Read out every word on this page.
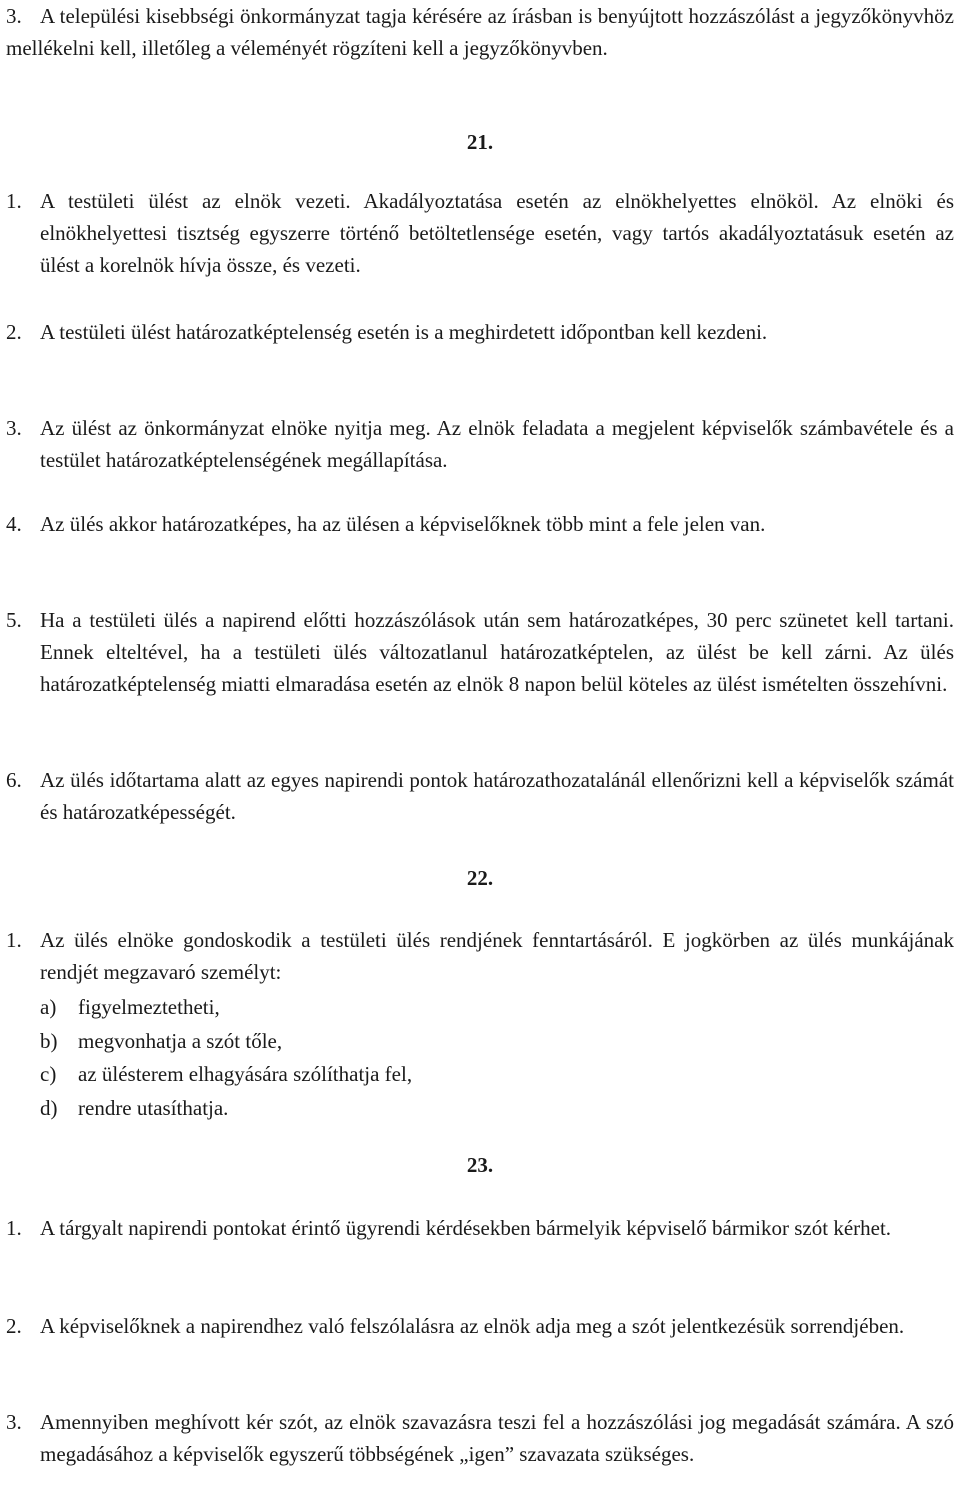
3. A települési kisebbségi önkormányzat tagja kérésére az írásban is benyújtott hozzászólást a jegyzőkönyvhöz mellékelni kell, illetőleg a véleményét rögzíteni kell a jegyzőkönyvben.
21.
1. A testületi ülést az elnök vezeti. Akadályoztatása esetén az elnökhelyettes elnököl. Az elnöki és elnökhelyettesi tisztség egyszerre történő betöltetlensége esetén, vagy tartós akadályoztatásuk esetén az ülést a korelnök hívja össze, és vezeti.
2. A testületi ülést határozatképtelenség esetén is a meghirdetett időpontban kell kezdeni.
3. Az ülést az önkormányzat elnöke nyitja meg. Az elnök feladata a megjelent képviselők számbavétele és a testület határozatképtelenségének megállapítása.
4. Az ülés akkor határozatképes, ha az ülésen a képviselőknek több mint a fele jelen van.
5. Ha a testületi ülés a napirend előtti hozzászólások után sem határozatképes, 30 perc szünetet kell tartani. Ennek elteltével, ha a testületi ülés változatlanul határozatképtelen, az ülést be kell zárni. Az ülés határozatképtelenség miatti elmaradása esetén az elnök 8 napon belül köteles az ülést ismételten összehívni.
6. Az ülés időtartama alatt az egyes napirendi pontok határozathozatalánál ellenőrizni kell a képviselők számát és határozatképességét.
22.
1. Az ülés elnöke gondoskodik a testületi ülés rendjének fenntartásáról. E jogkörben az ülés munkájának rendjét megzavaró személyt:
a) figyelmeztetheti,
b) megvonhatja a szót tőle,
c) az ülésterem elhagyására szólíthatja fel,
d) rendre utasíthatja.
23.
1. A tárgyalt napirendi pontokat érintő ügyrendi kérdésekben bármelyik képviselő bármikor szót kérhet.
2. A képviselőknek a napirendhez való felszólalásra az elnök adja meg a szót jelentkezésük sorrendjében.
3. Amennyiben meghívott kér szót, az elnök szavazásra teszi fel a hozzászólási jog megadását számára. A szó megadásához a képviselők egyszerű többségének „igen” szavazata szükséges.
